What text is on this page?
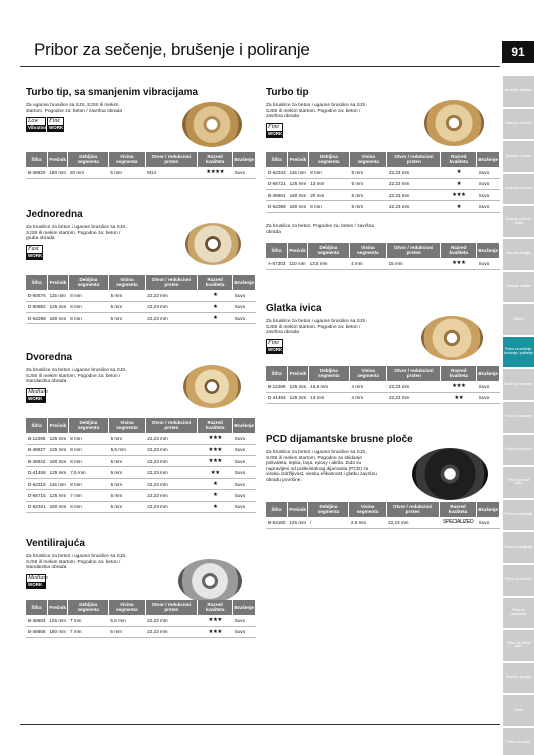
Pribor za sečenje, brušenje i poliranje	91
Bušenje i dletanje
Bušenje u metalu
Bušenje u drvetu
Bušenje u betonu
Bušenje pločica i stakla
Krunske burgije
Sečenje metala
Testere
Pribor za sečenje, brušenje i poliranje
Brušenje i poliranje
Pribor za glodanje
Pribor za brusilice
Pribor za multi alate
Pribor za odvijanje
Pribor za lemljenje
Pribor za merenje
Pribor za usisavanje
Pribor za stolne alate
Baterije i punjači
Ostalo
Pribor za baštu
Turbo tip, sa smanjenim vibracijama
Za ugaone brusilice sa SJS, SJSII ili mekim startom. Pogodne za: beton / završna obrada
Low
Vibration
Fine
WORK
Šifra	Prečnik	Debljina segmenta	Visina segmenta	Otvor / redukcioni prsten	Razred kvaliteta	Brušenje
B-48620	180 mm	20 mm	5 mm	M14	★★★★	Suvo
Jednoredna
Za brusilice za beton i ugaone brusilice sa SJS, SJSII ili mekim startom. Pogodne za: beton / gruba obrada
Fast
WORK
Šifra	Prečnik	Debljina segmenta	Visina segmenta	Otvor / redukcioni prsten	Razred kvaliteta	Brušenje
D-60676	115 mm	8 mm	5 mm	22,23 mm	★	Suvo
D-60682	125 mm	8 mm	5 mm	22,23 mm	★	Suvo
D-62298	180 mm	8 mm	5 mm	22,23 mm	★	Suvo
Dvoredna
Za brusilice za beton i ugaone brusilice sa SJS, SJSII ili mekim startom. Pogodne za: beton / standardna obrada
Medium
WORK
Šifra	Prečnik	Debljina segmenta	Visina segmenta	Otvor / redukcioni prsten	Razred kvaliteta	Brušenje
B-12295	125 mm	8 mm	5 mm	22,23 mm	★★★	Suvo
B-48527	125 mm	8 mm	5,5 mm	22,23 mm	★★★	Suvo
B-48642	180 mm	8 mm	5 mm	22,23 mm	★★★	Suvo
D-41458	125 mm	7,5 mm	5 mm	22,23 mm	★★	Suvo
D-62315	115 mm	8 mm	5 mm	22,23 mm	★	Suvo
D-66715	125 mm	7 mm	5 mm	22,23 mm	★	Suvo
D-62321	180 mm	8 mm	5 mm	22,23 mm	★	Suvo
Ventilirajuća
Za brusilice za beton i ugaone brusilice sa SJS, SJSII ili mekim startom. Pogodne za: beton / standardna obrada
Medium
WORK
Šifra	Prečnik	Debljina segmenta	Visina segmenta	Otvor / redukcioni prsten	Razred kvaliteta	Brušenje
B-48583	125 mm	7 mm	5,5 mm	22,23 mm	★★★	Suvo
B-48658	180 mm	7 mm	5 mm	22,23 mm	★★★	Suvo
Turbo tip
Za brusilice za beton i ugaone brusilice sa SJS, SJSII ili mekim startom. Pogodne za: beton / završna obrada
Fine
WORK
Šifra	Prečnik	Debljina segmenta	Visina segmenta	Otvor / redukcioni prsten	Razred kvaliteta	Brušenje
D-62343	115 mm	8 mm	5 mm	22,23 mm	★	Suvo
D-66721	125 mm	13 mm	5 mm	22,23 mm	★	Suvo
B-48664	180 mm	20 mm	5 mm	22,23 mm	★★★	Suvo
D-62359	180 mm	8 mm	5 mm	22,23 mm	★	Suvo
Za brusilice za beton. Pogodne za: beton / završna obrada
Šifra	Prečnik	Debljina segmenta	Visina segmenta	Otvor / redukcioni prsten	Razred kvaliteta	Brušenje
A-07303	110 mm	13,5 mm	4 mm	15 mm	★★★	Suvo
Glatka ivica
Za brusilice za beton i ugaone brusilice sa SJS, SJSII ili mekim startom. Pogodne za: beton / završna obrada
Fine
WORK
Šifra	Prečnik	Debljina segmenta	Visina segmenta	Otvor / redukcioni prsten	Razred kvaliteta	Brušenje
B-12289	125 mm	13,5 mm	4 mm	22,23 mm	★★★	Suvo
D-41464	125 mm	13 mm	4 mm	22,23 mm	★★	Suvo
PCD dijamantske brusne ploče
Za brusilice za beton i ugaone brusilice sa SJS, SJSII ili mekim startom. Pogodne za skidanje polivaleta, lepka, boja, epoxy i akrila. Zubi su napravljeni od polikristalnog dijamanta (PCD) za visoku izdržljivost, visoku efikasnost i glatku završnu obradu površine.
Šifra	Prečnik	Debljina segmenta	Visina segmenta	Otvor / redukcioni prsten	Razred kvaliteta	Brušenje
B-53160	125 mm	/	2,6 mm	22,23 mm	SPECIALIZED	Suvo
